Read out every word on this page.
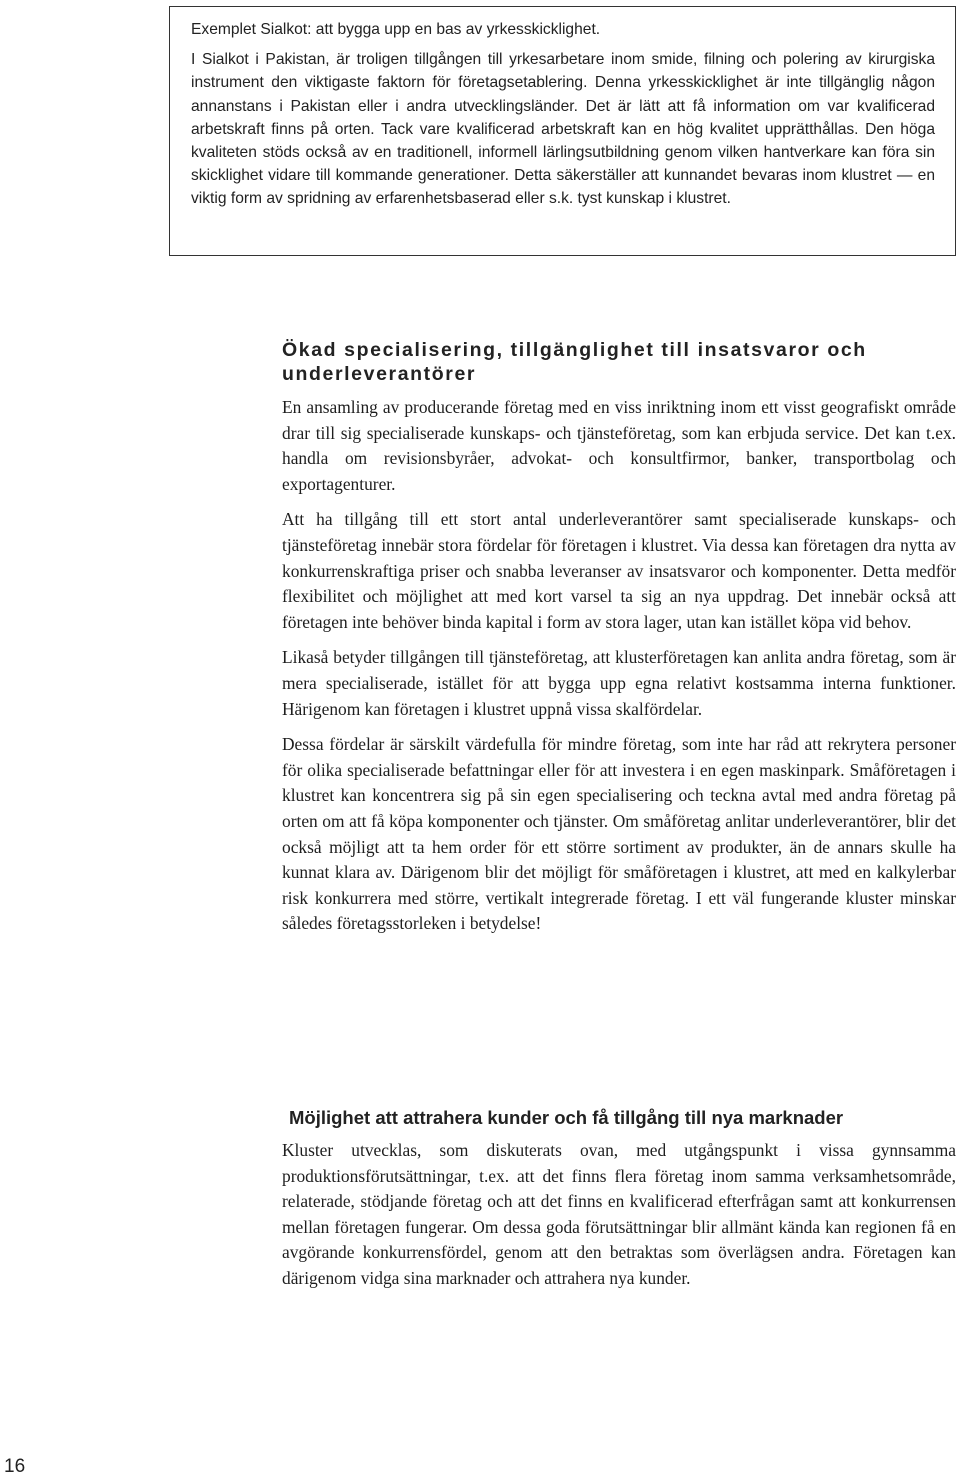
Exemplet Sialkot: att bygga upp en bas av yrkesskicklighet.

I Sialkot i Pakistan, är troligen tillgången till yrkesarbetare inom smide, filning och polering av kirurgiska instrument den viktigaste faktorn för företagsetablering. Denna yrkesskicklighet är inte tillgänglig någon annanstans i Pakistan eller i andra utvecklingsländer. Det är lätt att få information om var kvalificerad arbetskraft finns på orten. Tack vare kvalificerad arbetskraft kan en hög kvalitet upprätthållas. Den höga kvaliteten stöds också av en traditionell, informell lärlingsutbildning genom vilken hantverkare kan föra sin skicklighet vidare till kommande generationer. Detta säkerställer att kunnandet bevaras inom klustret — en viktig form av spridning av erfarenhetsbaserad eller s.k. tyst kunskap i klustret.

Ökad specialisering, tillgänglighet till insatsvaror och underleverantörer

En ansamling av producerande företag med en viss inriktning inom ett visst geografiskt område drar till sig specialiserade kunskaps- och tjänsteföretag, som kan erbjuda service. Det kan t.ex. handla om revisionsbyråer, advokat- och konsultfirmor, banker, transportbolag och exportagenturer.

Att ha tillgång till ett stort antal underleverantörer samt specialiserade kunskaps- och tjänsteföretag innebär stora fördelar för företagen i klustret. Via dessa kan företagen dra nytta av konkurrenskraftiga priser och snabba leveranser av insatsvaror och komponenter. Detta medför flexibilitet och möjlighet att med kort varsel ta sig an nya uppdrag. Det innebär också att företagen inte behöver binda kapital i form av stora lager, utan kan istället köpa vid behov.

Likaså betyder tillgången till tjänsteföretag, att klusterföretagen kan anlita andra företag, som är mera specialiserade, istället för att bygga upp egna relativt kostsamma interna funktioner. Härigenom kan företagen i klustret uppnå vissa skalfördelar.

Dessa fördelar är särskilt värdefulla för mindre företag, som inte har råd att rekrytera personer för olika specialiserade befattningar eller för att investera i en egen maskinpark. Småföretagen i klustret kan koncentrera sig på sin egen specialisering och teckna avtal med andra företag på orten om att få köpa komponenter och tjänster. Om småföretag anlitar underleverantörer, blir det också möjligt att ta hem order för ett större sortiment av produkter, än de annars skulle ha kunnat klara av. Därigenom blir det möjligt för småföretagen i klustret, att med en kalkylerbar risk konkurrera med större, vertikalt integrerade företag. I ett väl fungerande kluster minskar således företagsstorleken i betydelse!

Möjlighet att attrahera kunder och få tillgång till nya marknader

Kluster utvecklas, som diskuterats ovan, med utgångspunkt i vissa gynnsamma produktionsförutsättningar, t.ex. att det finns flera företag inom samma verksamhetsområde, relaterade, stödjande företag och att det finns en kvalificerad efterfrågan samt att konkurrensen mellan företagen fungerar. Om dessa goda förutsättningar blir allmänt kända kan regionen få en avgörande konkurrensfördel, genom att den betraktas som överlägsen andra. Företagen kan därigenom vidga sina marknader och attrahera nya kunder.

16
